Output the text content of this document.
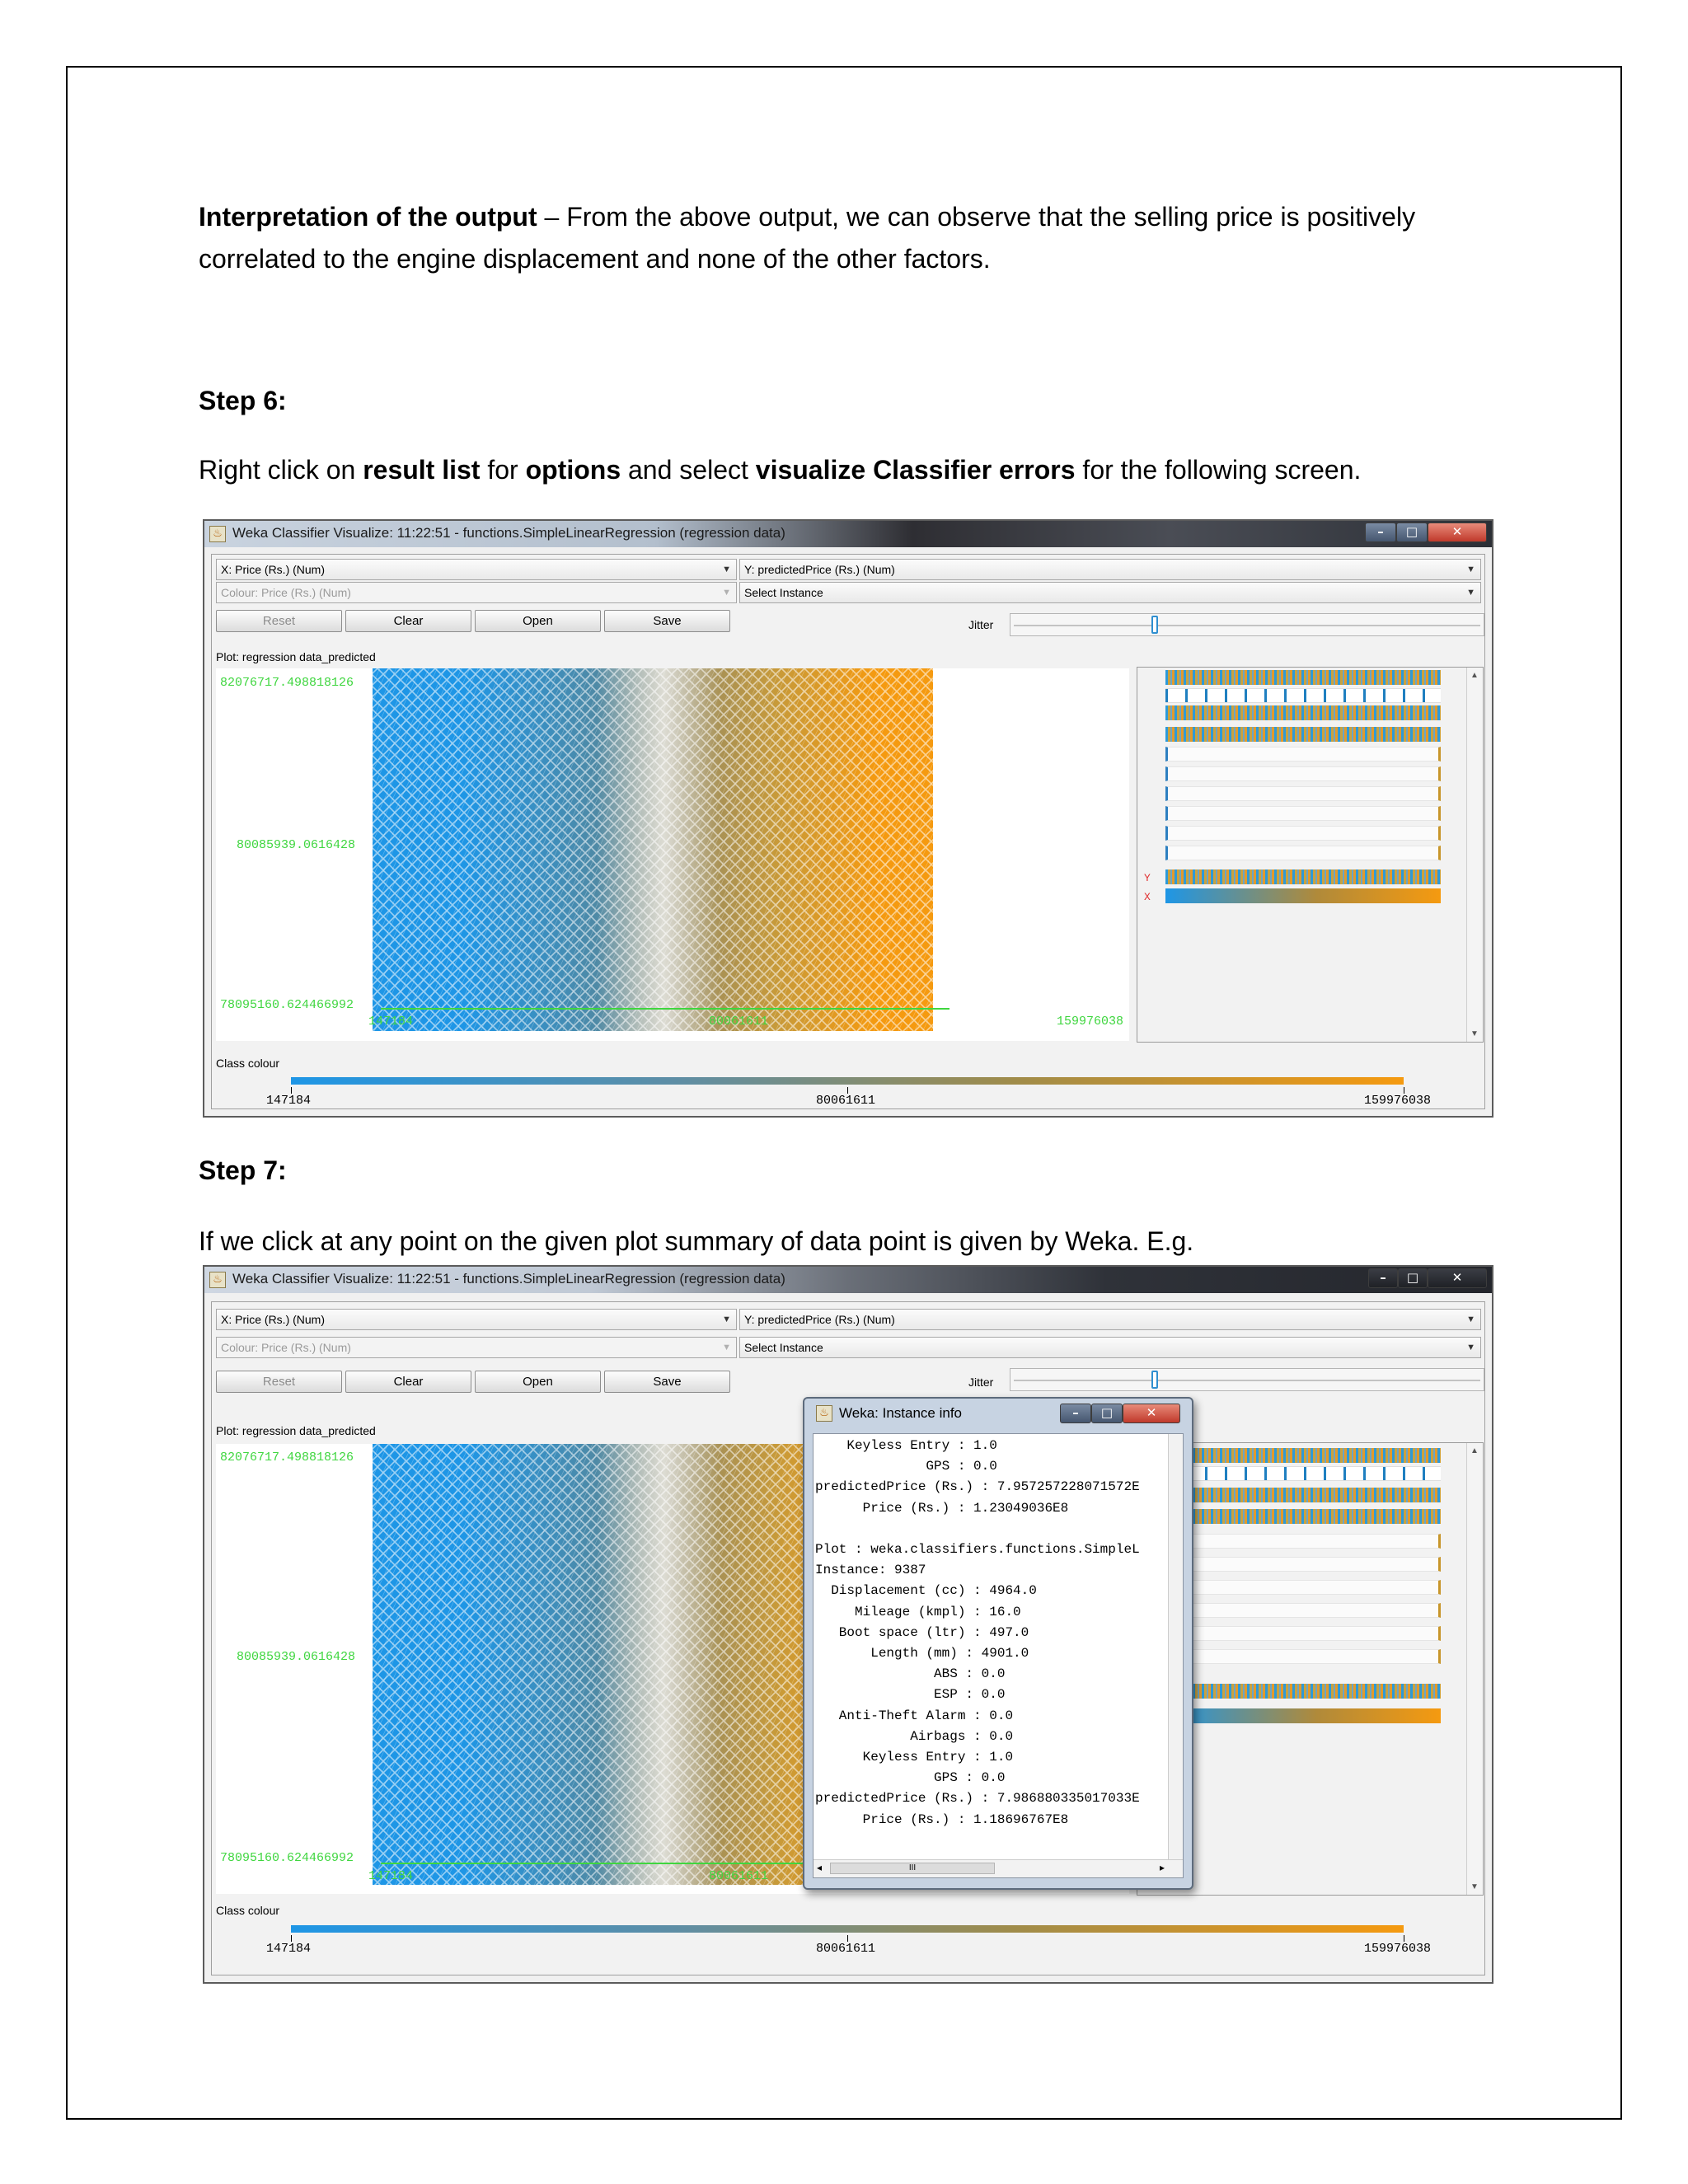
Interpretation of the output – From the above output, we can observe that the selling price is positively correlated to the engine displacement and none of the other factors.
Step 6:
Right click on result list for options and select visualize Classifier errors for the following screen.
♨ Weka Classifier Visualize: 11:22:51 - functions.SimpleLinearRegression (regression data)	–	□	✕
X: Price (Rs.) (Num)	▼	Y: predictedPrice (Rs.) (Num)	▼
Colour: Price (Rs.) (Num)	▼	Select Instance	▼
Reset	Clear	Open	Save	Jitter
Plot: regression data_predicted
82076717.498818126
80085939.0616428
78095160.624466992
147184	80061611	159976038
Y
X
▲
▼
Class colour
147184	80061611	159976038
Step 7:
If we click at any point on the given plot summary of data point is given by Weka. E.g.
♨ Weka Classifier Visualize: 11:22:51 - functions.SimpleLinearRegression (regression data)	–	□	✕
X: Price (Rs.) (Num)	▼	Y: predictedPrice (Rs.) (Num)	▼
Colour: Price (Rs.) (Num)	▼	Select Instance	▼
Reset	Clear	Open	Save	Jitter
Plot: regression data_predicted
82076717.498818126
80085939.0616428
78095160.624466992
147184	80061611
▲
▼
Class colour
147184	80061611	159976038
♨ Weka: Instance info	–	□	✕
Keyless Entry : 1.0
GPS : 0.0
predictedPrice (Rs.) : 7.957257228071572E
Price (Rs.) : 1.23049036E8

Plot : weka.classifiers.functions.SimpleL
Instance: 9387
Displacement (cc) : 4964.0
Mileage (kmpl) : 16.0
Boot space (ltr) : 497.0
Length (mm) : 4901.0
ABS : 0.0
ESP : 0.0
Anti-Theft Alarm : 0.0
Airbags : 0.0
Keyless Entry : 1.0
GPS : 0.0
predictedPrice (Rs.) : 7.986880335017033E
Price (Rs.) : 1.18696767E8
◂	III	▸
